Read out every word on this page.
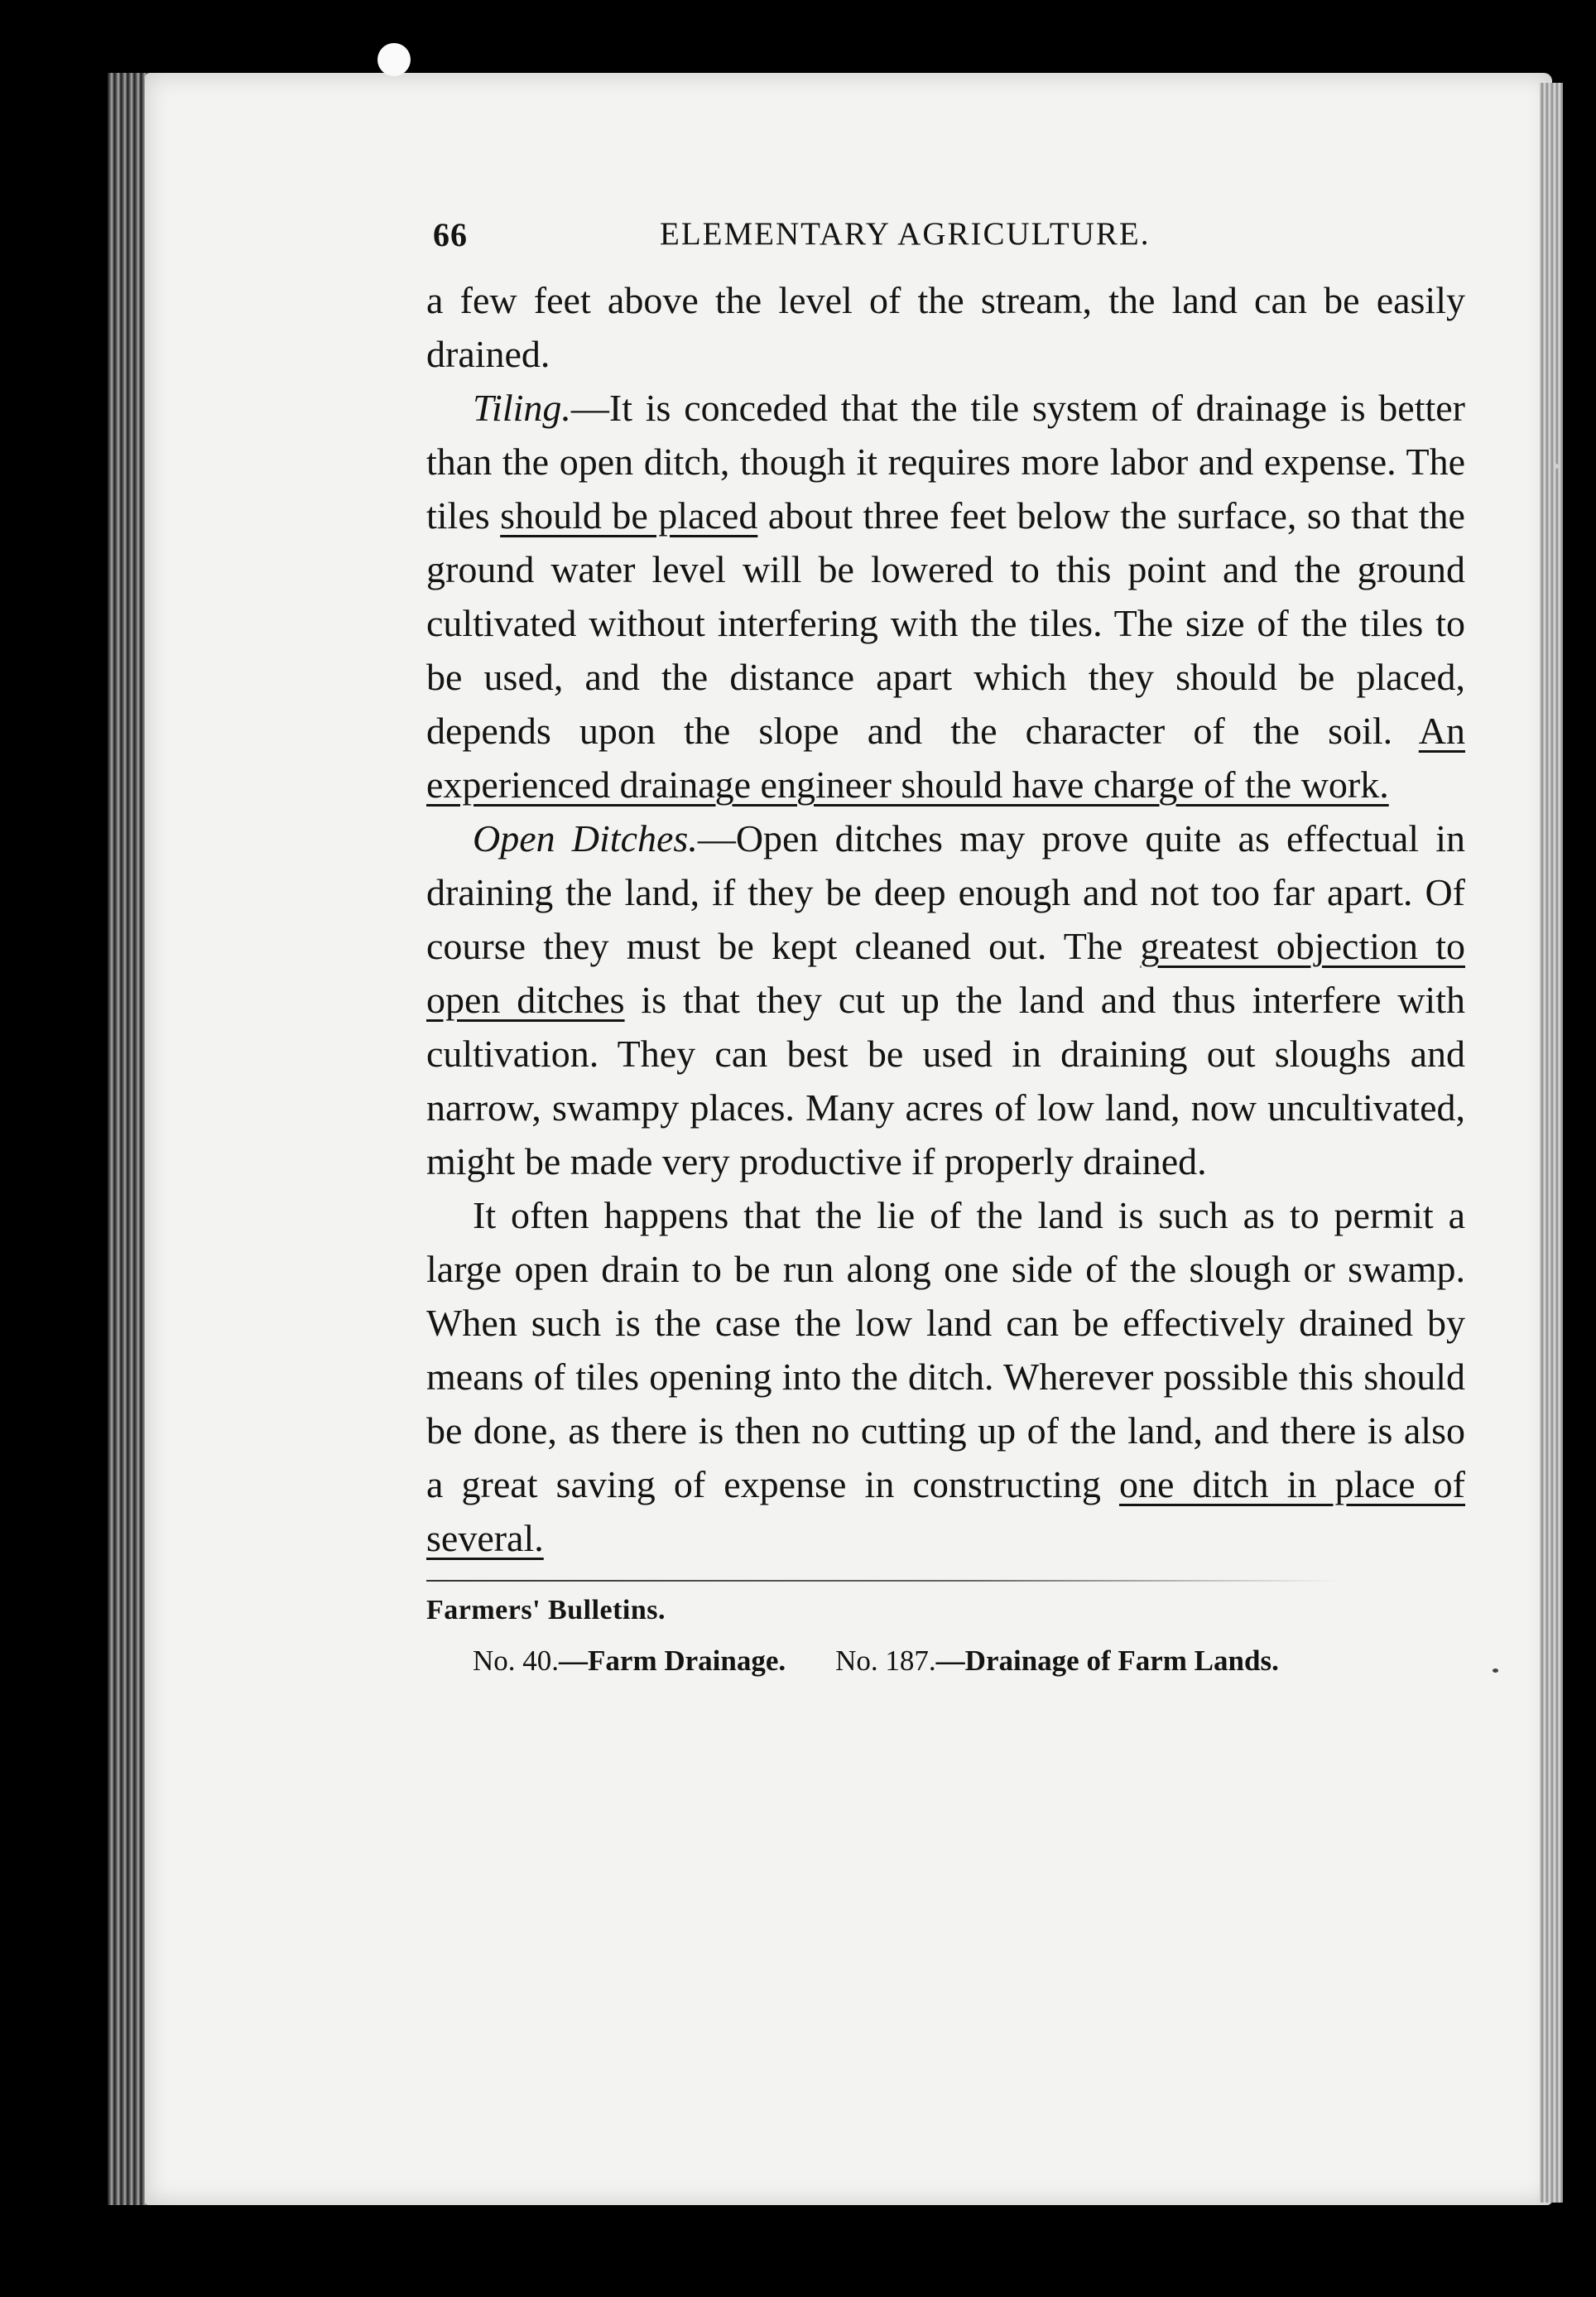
66	ELEMENTARY AGRICULTURE.

a few feet above the level of the stream, the land can be easily drained.

Tiling.—It is conceded that the tile system of drainage is better than the open ditch, though it requires more labor and expense. The tiles should be placed about three feet below the surface, so that the ground water level will be lowered to this point and the ground cultivated without interfering with the tiles. The size of the tiles to be used, and the distance apart which they should be placed, depends upon the slope and the character of the soil. An experienced drainage engineer should have charge of the work.

Open Ditches.—Open ditches may prove quite as effectual in draining the land, if they be deep enough and not too far apart. Of course they must be kept cleaned out. The greatest objection to open ditches is that they cut up the land and thus interfere with cultivation. They can best be used in draining out sloughs and narrow, swampy places. Many acres of low land, now uncultivated, might be made very productive if properly drained.

It often happens that the lie of the land is such as to permit a large open drain to be run along one side of the slough or swamp. When such is the case the low land can be effectively drained by means of tiles opening into the ditch. Wherever possible this should be done, as there is then no cutting up of the land, and there is also a great saving of expense in constructing one ditch in place of several.

Farmers' Bulletins.
No. 40.—Farm Drainage. No. 187.—Drainage of Farm Lands.
